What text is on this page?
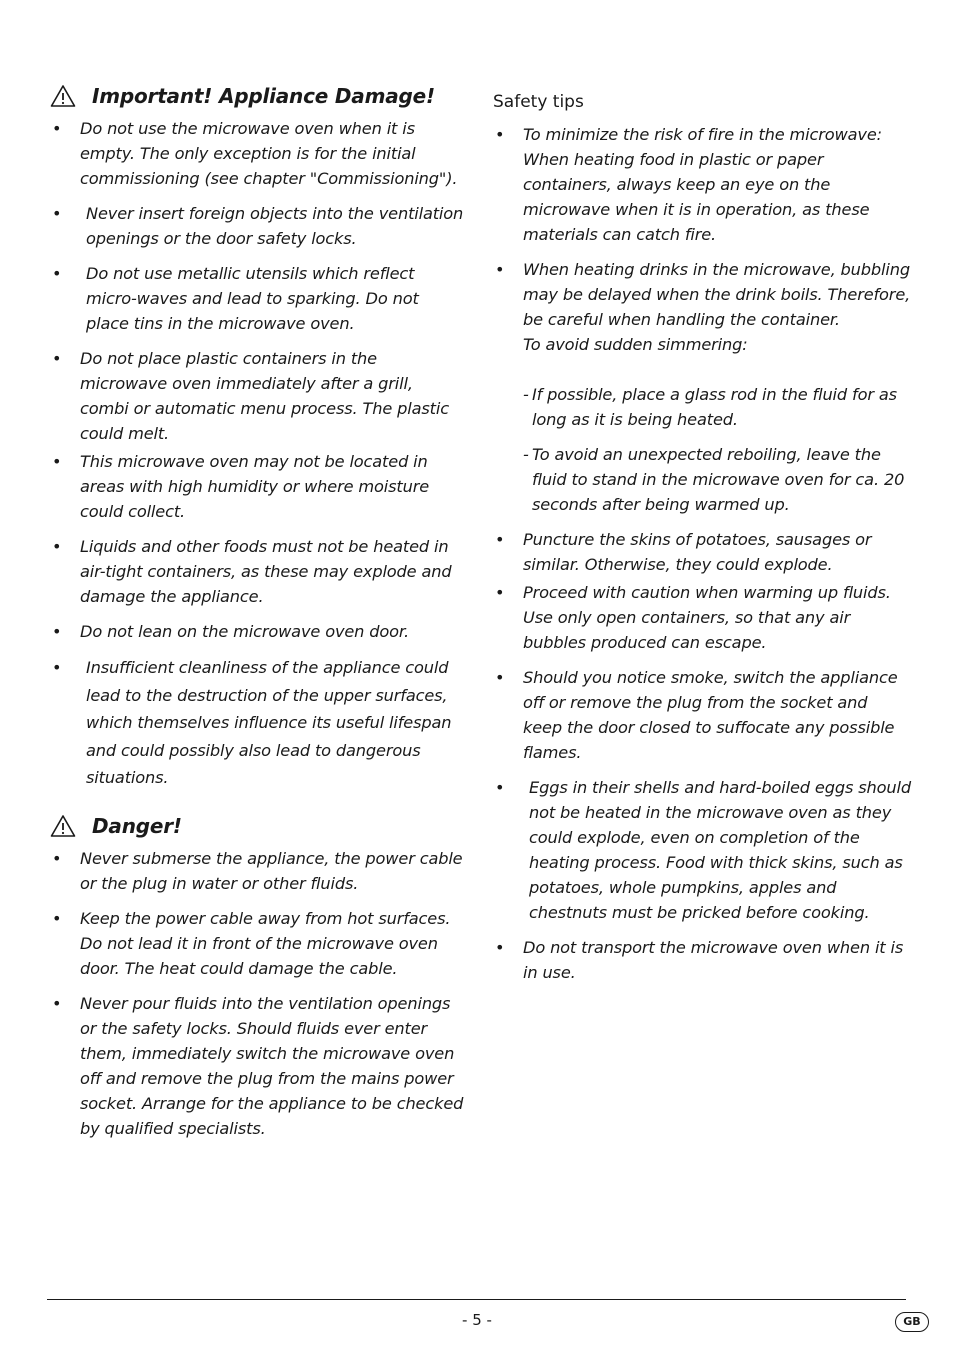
Important! Appliance Damage!
• Do not use the microwave oven when it is empty. The only exception is for the initial commissioning (see chapter "Commissioning").
• Never insert foreign objects into the ventilation openings or the door safety locks.
• Do not use metallic utensils which reflect micro-waves and lead to sparking. Do not place tins in the microwave oven.
• Do not place plastic containers in the microwave oven immediately after a grill, combi or automatic menu process. The plastic could melt.
• This microwave oven may not be located in areas with high humidity or where moisture could collect.
• Liquids and other foods must not be heated in air-tight containers, as these may explode and damage the appliance.
• Do not lean on the microwave oven door.
• Insufficient cleanliness of the appliance could lead to the destruction of the upper surfaces, which themselves influence its useful lifespan and could possibly also lead to dangerous situations.
Danger!
• Never submerse the appliance, the power cable or the plug in water or other fluids.
• Keep the power cable away from hot surfaces. Do not lead it in front of the microwave oven door. The heat could damage the cable.
• Never pour fluids into the ventilation openings or the safety locks. Should fluids ever enter them, immediately switch the microwave oven off and remove the plug from the mains power socket. Arrange for the appliance to be checked by qualified specialists.
Safety tips
• To minimize the risk of fire in the microwave: When heating food in plastic or paper containers, always keep an eye on the microwave when it is in operation, as these materials can catch fire.
• When heating drinks in the microwave, bubbling may be delayed when the drink boils. Therefore, be careful when handling the container.
To avoid sudden simmering:
- If possible, place a glass rod in the fluid for as long as it is being heated.
- To avoid an unexpected reboiling, leave the fluid to stand in the microwave oven for ca. 20 seconds after being warmed up.
• Puncture the skins of potatoes, sausages or similar. Otherwise, they could explode.
• Proceed with caution when warming up fluids. Use only open containers, so that any air bubbles produced can escape.
• Should you notice smoke, switch the appliance off or remove the plug from the socket and keep the door closed to suffocate any possible flames.
• Eggs in their shells and hard-boiled eggs should not be heated in the microwave oven as they could explode, even on completion of the heating process. Food with thick skins, such as potatoes, whole pumpkins, apples and chestnuts must be pricked before cooking.
• Do not transport the microwave oven when it is in use.
- 5 -	GB
